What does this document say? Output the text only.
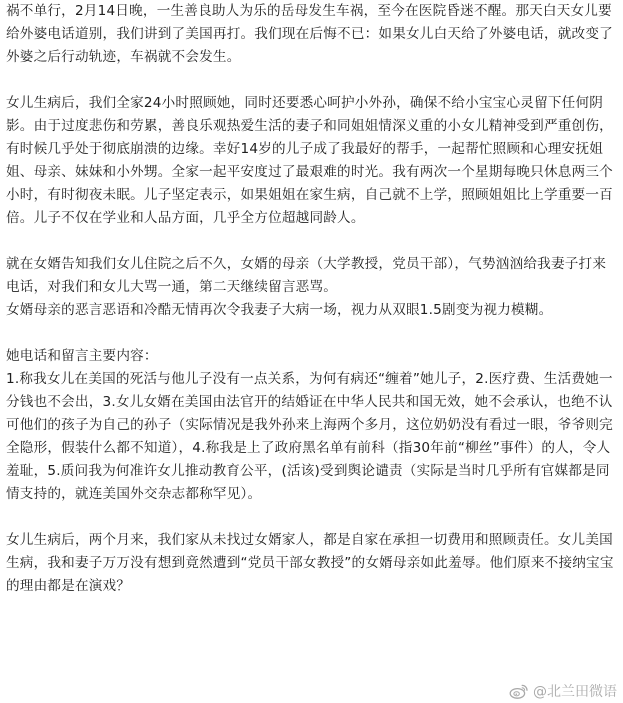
祸不单行，2月14日晚，一生善良助人为乐的岳母发生车祸，至今在医院昏迷不醒。那天白天女儿要给外婆电话道别，我们讲到了美国再打。我们现在后悔不已：如果女儿白天给了外婆电话，就改变了外婆之后行动轨迹，车祸就不会发生。

女儿生病后，我们全家24小时照顾她，同时还要悉心呵护小外孙，确保不给小宝宝心灵留下任何阴影。由于过度悲伤和劳累，善良乐观热爱生活的妻子和同姐姐情深义重的小女儿精神受到严重创伤，有时候几乎处于彻底崩溃的边缘。幸好14岁的儿子成了我最好的帮手，一起帮忙照顾和心理安抚姐姐、母亲、妹妹和小外甥。全家一起平安度过了最艰难的时光。我有两次一个星期每晚只休息两三个小时，有时彻夜未眠。儿子坚定表示，如果姐姐在家生病，自己就不上学，照顾姐姐比上学重要一百倍。儿子不仅在学业和人品方面，几乎全方位超越同龄人。

就在女婿告知我们女儿住院之后不久，女婿的母亲（大学教授，党员干部），气势汹汹给我妻子打来电话，对我们和女儿大骂一通，第二天继续留言恶骂。

女婿母亲的恶言恶语和冷酷无情再次令我妻子大病一场，视力从双眼1.5剧变为视力模糊。

她电话和留言主要内容：
1.称我女儿在美国的死活与他儿子没有一点关系，为何有病还“缠着”她儿子，2.医疗费、生活费她一分钱也不会出，3.女儿女婿在美国由法官开的结婚证在中华人民共和国无效，她不会承认，也绝不认可他们的孩子为自己的孙子（实际情况是我外孙来上海两个多月，这位奶奶没有看过一眼，爷爷则完全隐形，假装什么都不知道），4.称我是上了政府黑名单有前科（指30年前“柳丝”事件）的人，令人羞耻，5.质问我为何准许女儿推动教育公平，(活该)受到舆论谴责（实际是当时几乎所有官媒都是同情支持的，就连美国外交杂志都称罕见）。

女儿生病后，两个月来，我们家从未找过女婿家人，都是自家在承担一切费用和照顾责任。女儿美国生病，我和妻子万万没有想到竟然遭到“党员干部女教授”的女婿母亲如此羞辱。他们原来不接纳宝宝的理由都是在演戏？

@北兰田微语
